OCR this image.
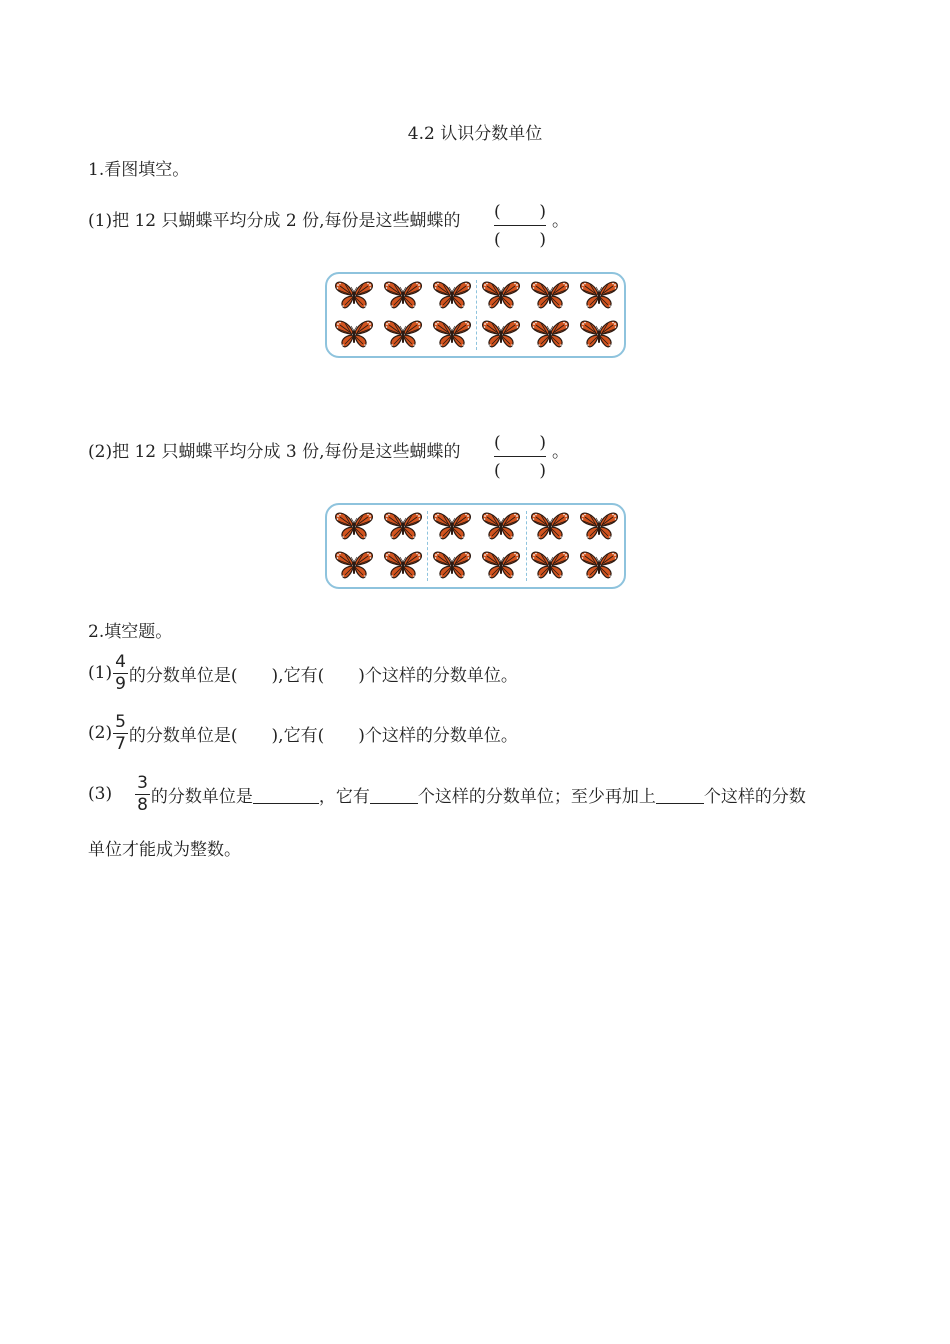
4.2 认识分数单位
1.看图填空。
(1)把 12 只蝴蝶平均分成 2 份,每份是这些蝴蝶的 ( )
( )
。
(2)把 12 只蝴蝶平均分成 3 份,每份是这些蝴蝶的 ( )
( )
。
2.填空题。
$(1) \frac{4}{9}$ 的分数单位是(　　),它有(　　)个这样的分数单位。
$(2) \frac{5}{7}$ 的分数单位是(　　),它有(　　)个这样的分数单位。
$(3) \frac{3}{8}$ 的分数单位是	，它有	个这样的分数单位；至少再加上	个这样的分数
单位才能成为整数。
